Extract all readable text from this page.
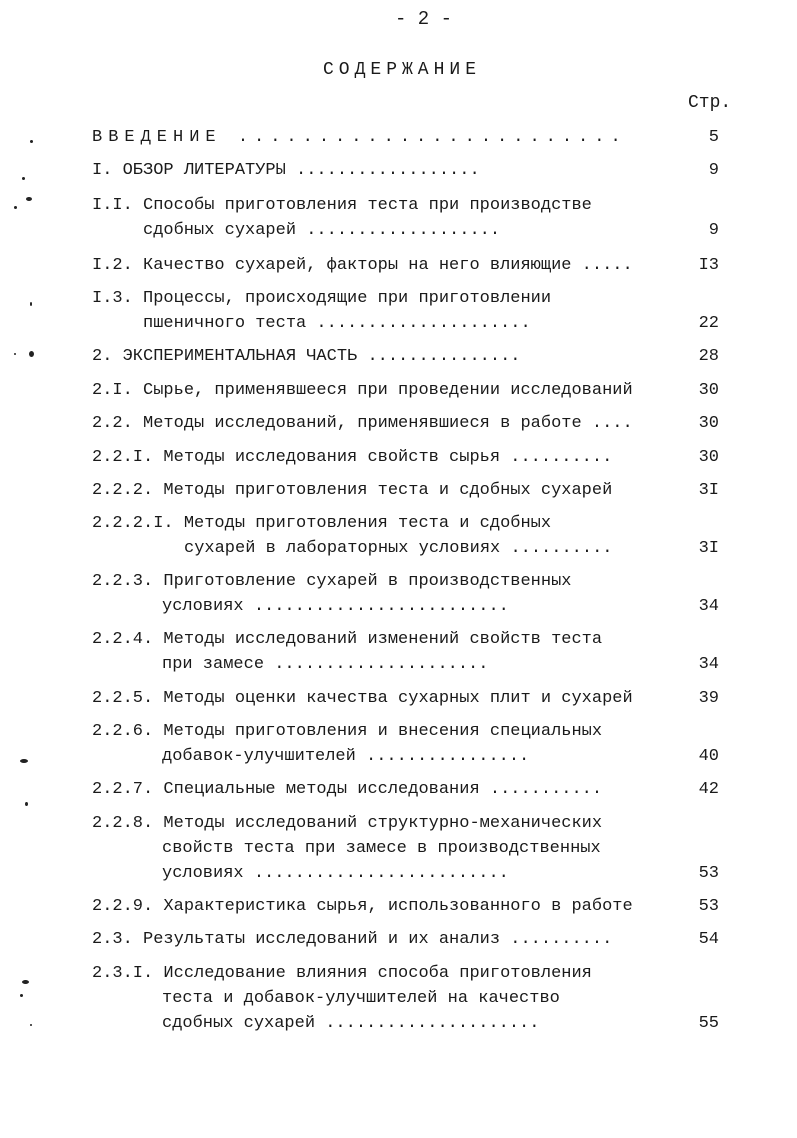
- 2 -
СОДЕРЖАНИЕ
Стр.
ВВЕДЕНИЕ ........................	5
I. ОБЗОР ЛИТЕРАТУРЫ ..................	9
I.I. Способы приготовления теста при производстве
сдобных сухарей ...................	9
I.2. Качество сухарей, факторы на него влияющие .....	I3
I.3. Процессы, происходящие при приготовлении
пшеничного теста .....................	22
2. ЭКСПЕРИМЕНТАЛЬНАЯ ЧАСТЬ ...............	28
2.I. Сырье, применявшееся при проведении исследований	30
2.2. Методы исследований, применявшиеся в работе ....	30
2.2.I. Методы исследования свойств сырья ..........	30
2.2.2. Методы приготовления теста и сдобных сухарей	3I
2.2.2.I. Методы приготовления теста и сдобных
сухарей в лабораторных условиях ..........	3I
2.2.3. Приготовление сухарей в производственных
условиях .........................	34
2.2.4. Методы исследований изменений свойств теста
при замесе .....................	34
2.2.5. Методы оценки качества сухарных плит и сухарей	39
2.2.6. Методы приготовления и внесения специальных
добавок-улучшителей ................	40
2.2.7. Специальные методы исследования ...........	42
2.2.8. Методы исследований структурно-механических
свойств теста при замесе в производственных
условиях .........................	53
2.2.9. Характеристика сырья, использованного в работе	53
2.3. Результаты исследований и их анализ ..........	54
2.3.I. Исследование влияния способа приготовления
теста и добавок-улучшителей на качество
сдобных сухарей .....................	55
